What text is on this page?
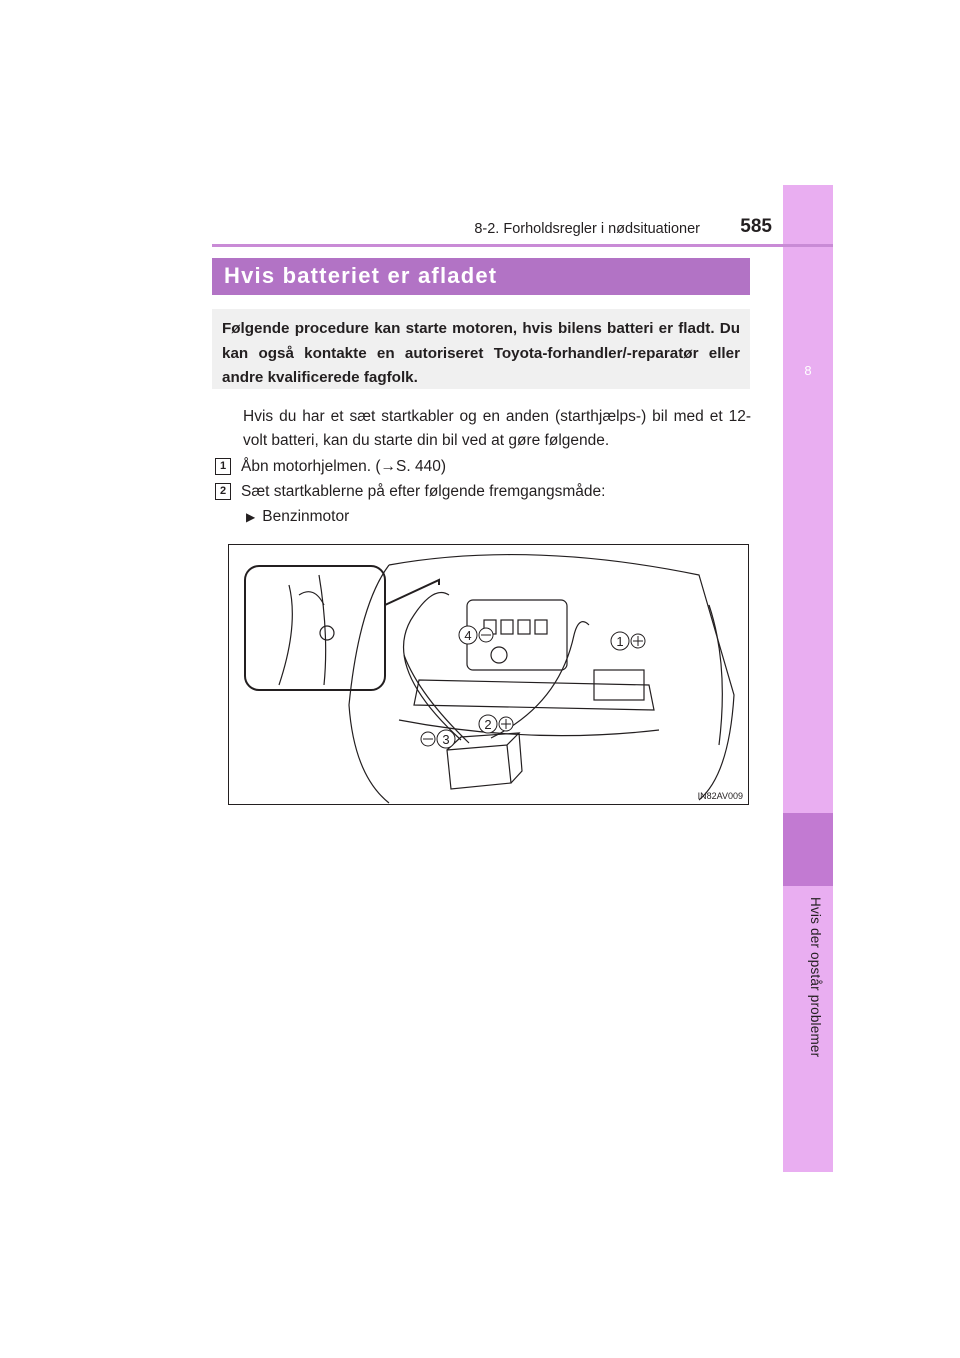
8
Hvis der opstår problemer
8-2. Forholdsregler i nødsituationer	585
Hvis batteriet er afladet

Følgende procedure kan starte motoren, hvis bilens batteri er fladt. Du kan også kontakte en autoriseret Toyota-forhandler/-reparatør eller andre kvalificerede fagfolk.

Hvis du har et sæt startkabler og en anden (starthjælps-) bil med et 12-volt batteri, kan du starte din bil ved at gøre følgende.

1 Åbn motorhjelmen. (→S. 440)
2 Sæt startkablerne på efter følgende fremgangsmåde:
▶ Benzinmotor
4	1
2
3
IN82AV009
